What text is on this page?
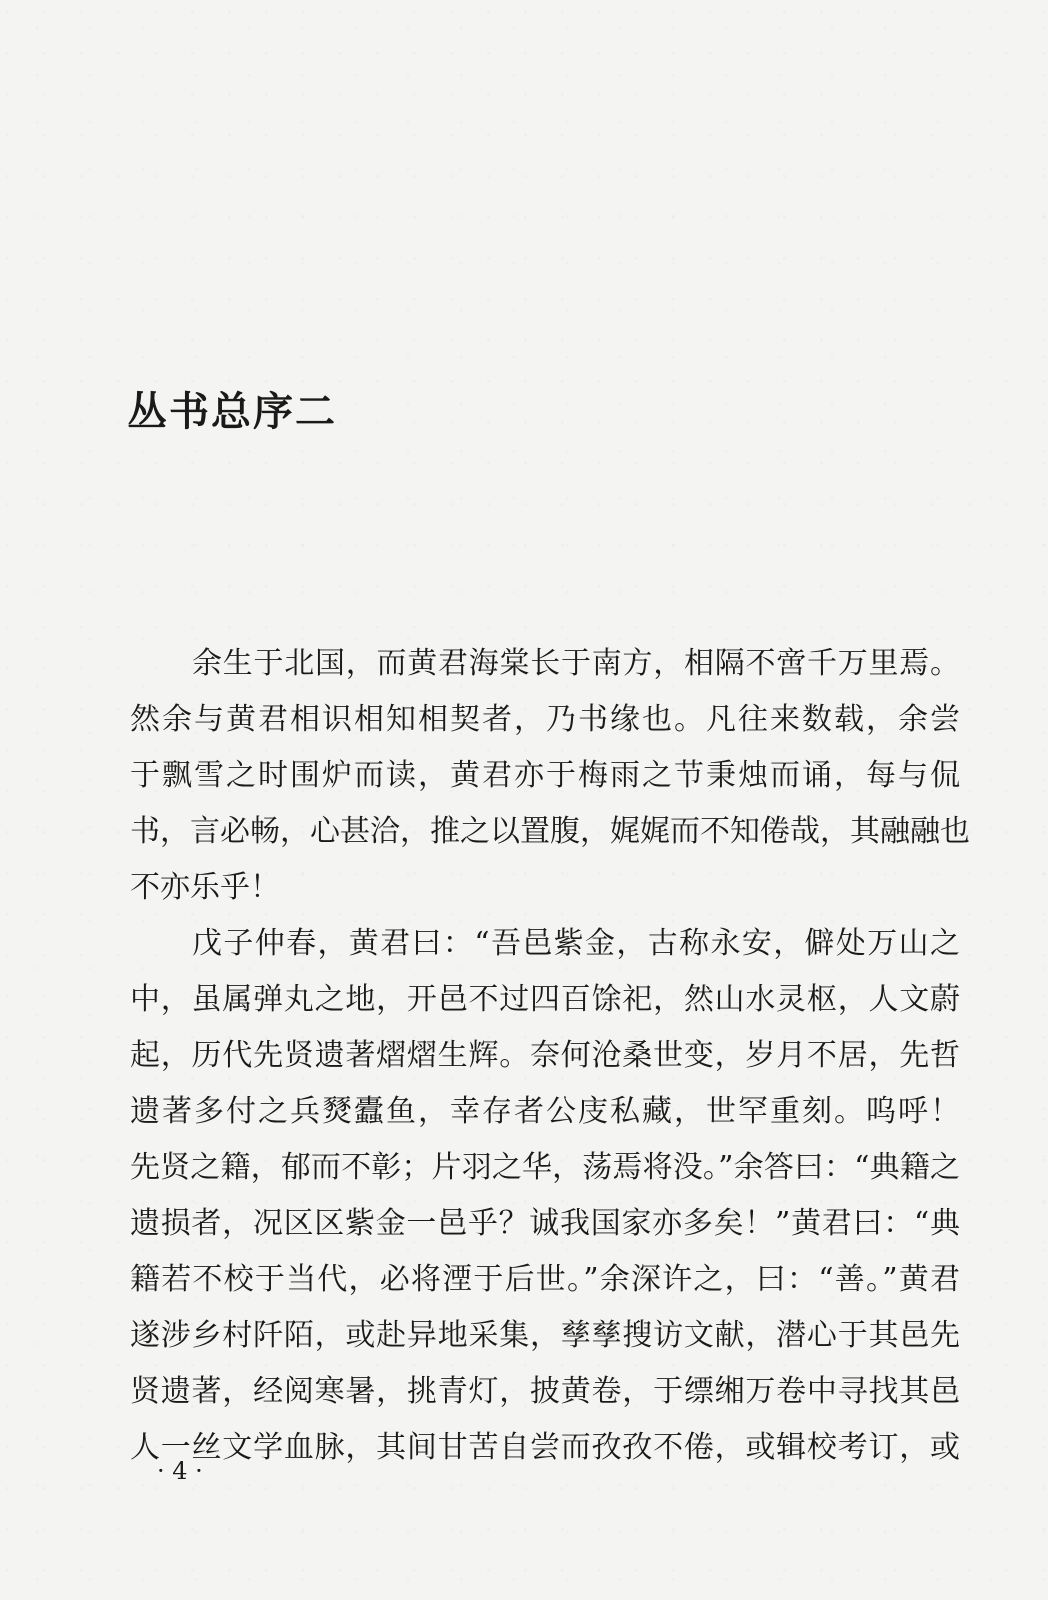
丛书总序二
余生于北国，而黄君海棠长于南方，相隔不啻千万里焉。
然余与黄君相识相知相契者，乃书缘也。凡往来数载，余尝
于飘雪之时围炉而读，黄君亦于梅雨之节秉烛而诵，每与侃
书，言必畅，心甚洽，推之以置腹，娓娓而不知倦哉，其融融也
不亦乐乎！
戊子仲春，黄君曰：“吾邑紫金，古称永安，僻处万山之
中，虽属弹丸之地，开邑不过四百馀祀，然山水灵枢，人文蔚
起，历代先贤遗著熠熠生辉。奈何沧桑世变，岁月不居，先哲
遗著多付之兵燹蠹鱼，幸存者公庋私藏，世罕重刻。呜呼！
先贤之籍，郁而不彰；片羽之华，荡焉将没。”余答曰：“典籍之
遗损者，况区区紫金一邑乎？诚我国家亦多矣！”黄君曰：“典
籍若不校于当代，必将湮于后世。”余深许之，曰：“善。”黄君
遂涉乡村阡陌，或赴异地采集，孳孳搜访文献，潜心于其邑先
贤遗著，经阅寒暑，挑青灯，披黄卷，于缥缃万卷中寻找其邑
人一丝文学血脉，其间甘苦自尝而孜孜不倦，或辑校考订，或
· 4 ·
